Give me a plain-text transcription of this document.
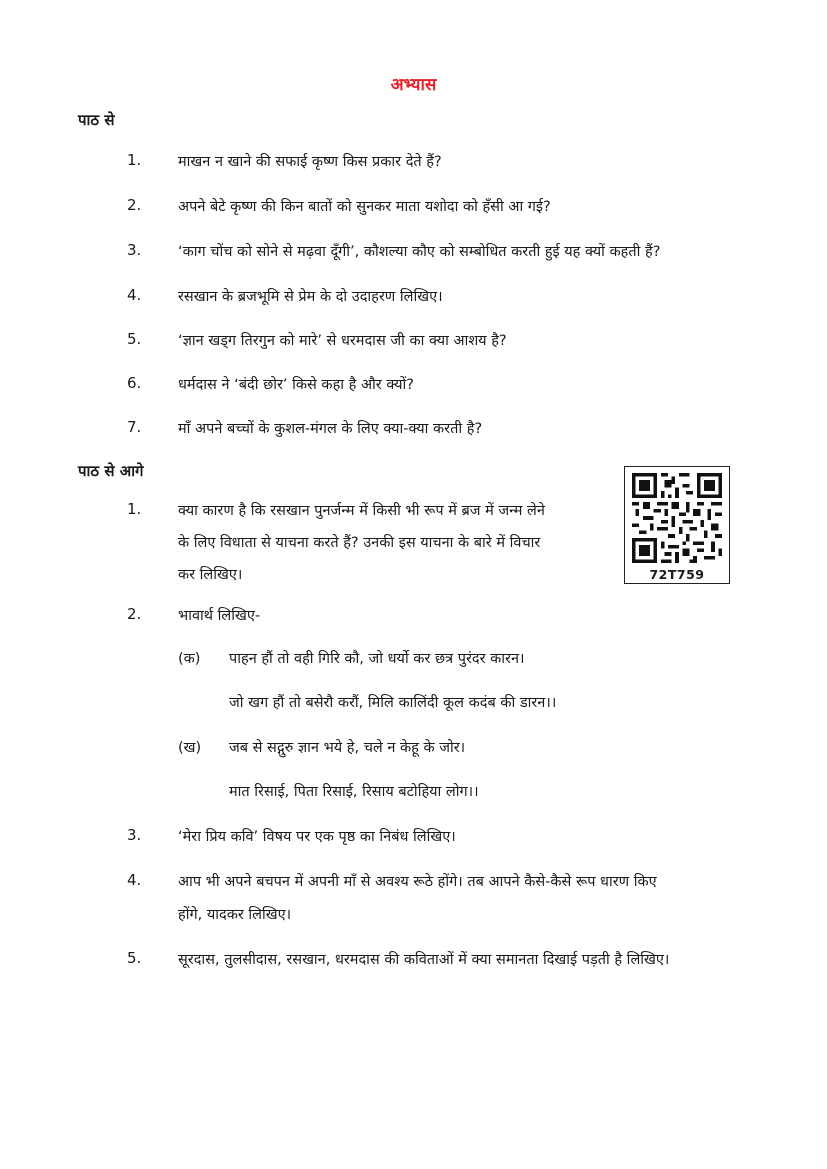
अभ्यास
पाठ से
1.	माखन न खाने की सफाई कृष्ण किस प्रकार देते हैं?
2.	अपने बेटे कृष्ण की किन बातों को सुनकर माता यशोदा को हँसी आ गई?
3.	‘काग चोंच को सोने से मढ़वा दूँगी’, कौशल्या कौए को सम्बोधित करती हुई यह क्यों कहती हैं?
4.	रसखान के ब्रजभूमि से प्रेम के दो उदाहरण लिखिए।
5.	‘ज्ञान खड्ग तिरगुन को मारे’ से धरमदास जी का क्या आशय है?
6.	धर्मदास ने ‘बंदी छोर’ किसे कहा है और क्यों?
7.	माँ अपने बच्चों के कुशल-मंगल के लिए क्या-क्या करती है?
पाठ से आगे
1.	क्या कारण है कि रसखान पुनर्जन्म में किसी भी रूप में ब्रज में जन्म लेने
के लिए विधाता से याचना करते हैं? उनकी इस याचना के बारे में विचार
कर लिखिए।
2.	भावार्थ लिखिए-
(क) पाहन हौं तो वही गिरि कौ, जो धर्यो कर छत्र पुरंदर कारन।
जो खग हौं तो बसेरौ करौं, मिलि कालिंदी कूल कदंब की डारन।।
(ख) जब से सद्गुरु ज्ञान भये हे, चले न केहू के जोर।
मात रिसाई, पिता रिसाई, रिसाय बटोहिया लोग।।
3.	‘मेरा प्रिय कवि’ विषय पर एक पृष्ठ का निबंध लिखिए।
4.	आप भी अपने बचपन में अपनी माँ से अवश्य रूठे होंगे। तब आपने कैसे-कैसे रूप धारण किए
होंगे, यादकर लिखिए।
5.	सूरदास, तुलसीदास, रसखान, धरमदास की कविताओं में क्या समानता दिखाई पड़ती है लिखिए।
72T759
